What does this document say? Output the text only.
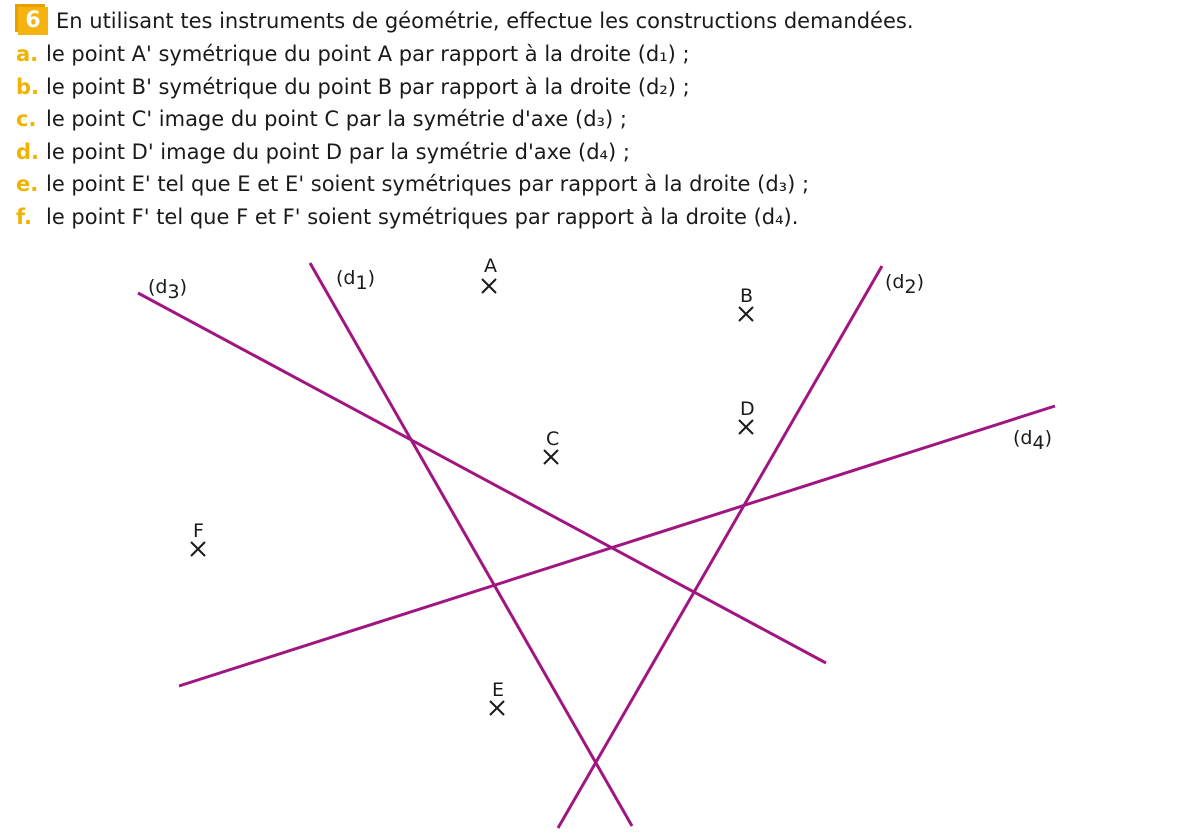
6 En utilisant tes instruments de géométrie, effectue les constructions demandées.
a. le point A' symétrique du point A par rapport à la droite (d₁) ;
b. le point B' symétrique du point B par rapport à la droite (d₂) ;
c. le point C' image du point C par la symétrie d'axe (d₃) ;
d. le point D' image du point D par la symétrie d'axe (d₄) ;
e. le point E' tel que E et E' soient symétriques par rapport à la droite (d₃) ;
f. le point F' tel que F et F' soient symétriques par rapport à la droite (d₄).
(d1)	(d2)
(d3)
(d4)
A
B
C
D
E
F
